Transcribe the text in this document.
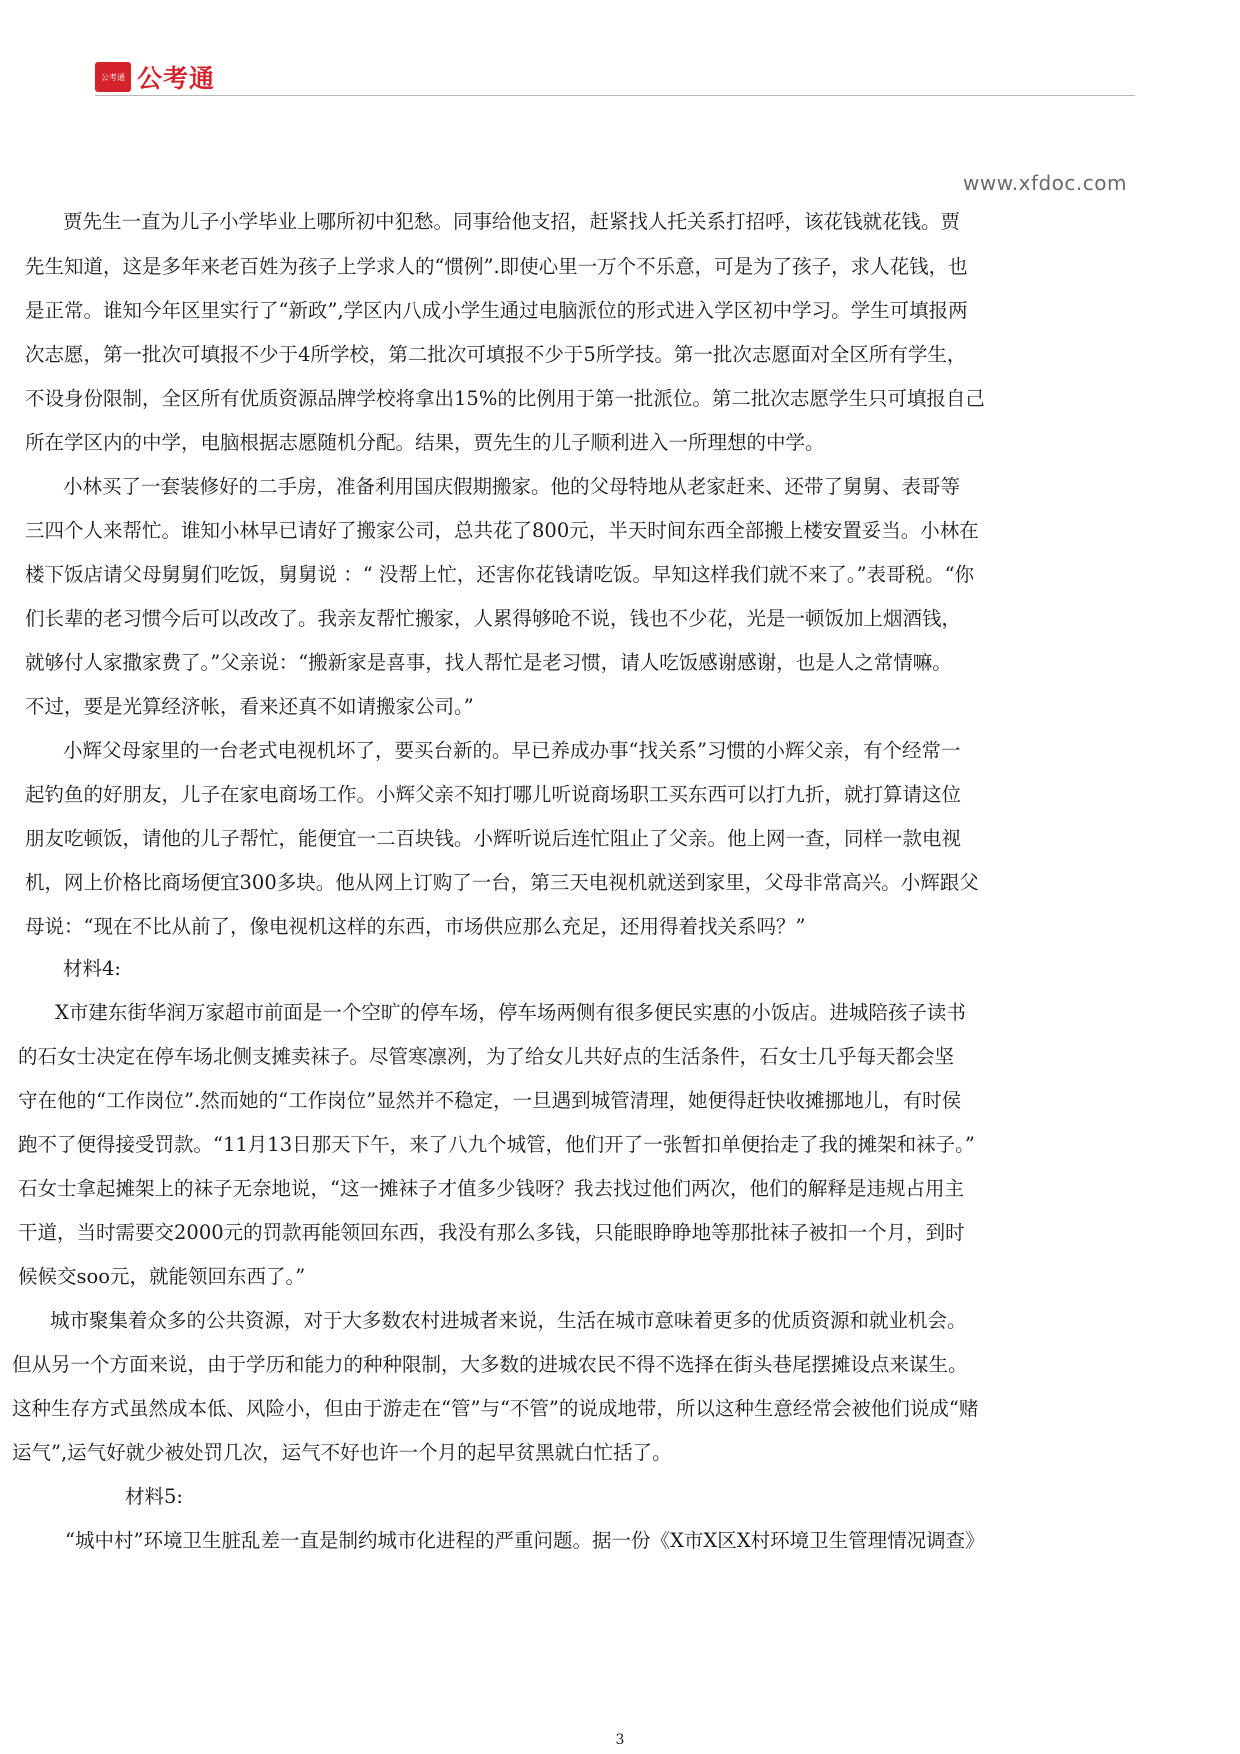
公考通 公考通
www.xfdoc.com
贾先生一直为儿子小学毕业上哪所初中犯愁。同事给他支招，赶紧找人托关系打招呼，该花钱就花钱。贾
先生知道，这是多年来老百姓为孩子上学求人的“惯例”.即使心里一万个不乐意，可是为了孩子，求人花钱，也
是正常。谁知今年区里实行了“新政”,学区内八成小学生通过电脑派位的形式进入学区初中学习。学生可填报两
次志愿，第一批次可填报不少于4所学校，第二批次可填报不少于5所学技。第一批次志愿面对全区所有学生，
不设身份限制，全区所有优质资源品牌学校将拿出15%的比例用于第一批派位。第二批次志愿学生只可填报自己
所在学区内的中学，电脑根据志愿随机分配。结果，贾先生的儿子顺利进入一所理想的中学。
小林买了一套装修好的二手房，准备利用国庆假期搬家。他的父母特地从老家赶来、还带了舅舅、表哥等
三四个人来帮忙。谁知小林早已请好了搬家公司，总共花了800元，半天时间东西全部搬上楼安置妥当。小林在
楼下饭店请父母舅舅们吃饭，舅舅说 ：“ 没帮上忙，还害你花钱请吃饭。早知这样我们就不来了。”表哥税。“你
们长辈的老习惯今后可以改改了。我亲友帮忙搬家，人累得够呛不说，钱也不少花，光是一顿饭加上烟酒钱，
就够付人家撒家费了。”父亲说：“搬新家是喜事，找人帮忙是老习惯，请人吃饭感谢感谢，也是人之常情嘛。
不过，要是光算经济帐，看来还真不如请搬家公司。”
小辉父母家里的一台老式电视机坏了，要买台新的。早已养成办事“找关系”习惯的小辉父亲，有个经常一
起钓鱼的好朋友，儿子在家电商场工作。小辉父亲不知打哪儿听说商场职工买东西可以打九折，就打算请这位
朋友吃顿饭，请他的儿子帮忙，能便宜一二百块钱。小辉听说后连忙阻止了父亲。他上网一查，同样一款电视
机，网上价格比商场便宜300多块。他从网上订购了一台，第三天电视机就送到家里，父母非常高兴。小辉跟父
母说：“现在不比从前了，像电视机这样的东西，市场供应那么充足，还用得着找关系吗？”
材料4:
X市建东街华润万家超市前面是一个空旷的停车场，停车场两侧有很多便民实惠的小饭店。进城陪孩子读书
的石女士决定在停车场北侧支摊卖袜子。尽管寒凛冽，为了给女儿共好点的生活条件，石女士几乎每天都会坚
守在他的“工作岗位”.然而她的“工作岗位”显然并不稳定，一旦遇到城管清理，她便得赶快收摊挪地儿，有时侯
跑不了便得接受罚款。“11月13日那天下午，来了八九个城管，他们开了一张暂扣单便抬走了我的摊架和袜子。”
石女士拿起摊架上的袜子无奈地说，“这一摊袜子才值多少钱呀？我去找过他们两次，他们的解释是违规占用主
干道，当时需要交2000元的罚款再能领回东西，我没有那么多钱，只能眼睁睁地等那批袜子被扣一个月，到时
候候交soo元，就能领回东西了。”
城市聚集着众多的公共资源，对于大多数农村进城者来说，生活在城市意味着更多的优质资源和就业机会。
但从另一个方面来说，由于学历和能力的种种限制，大多数的进城农民不得不选择在街头巷尾摆摊设点来谋生。
这种生存方式虽然成本低、风险小，但由于游走在“管”与“不管”的说成地带，所以这种生意经常会被他们说成“赌
运气”,运气好就少被处罚几次，运气不好也许一个月的起早贫黑就白忙括了。
材料5:
“城中村”环境卫生脏乱差一直是制约城市化进程的严重问题。据一份《X市X区X村环境卫生管理情况调查》
3
